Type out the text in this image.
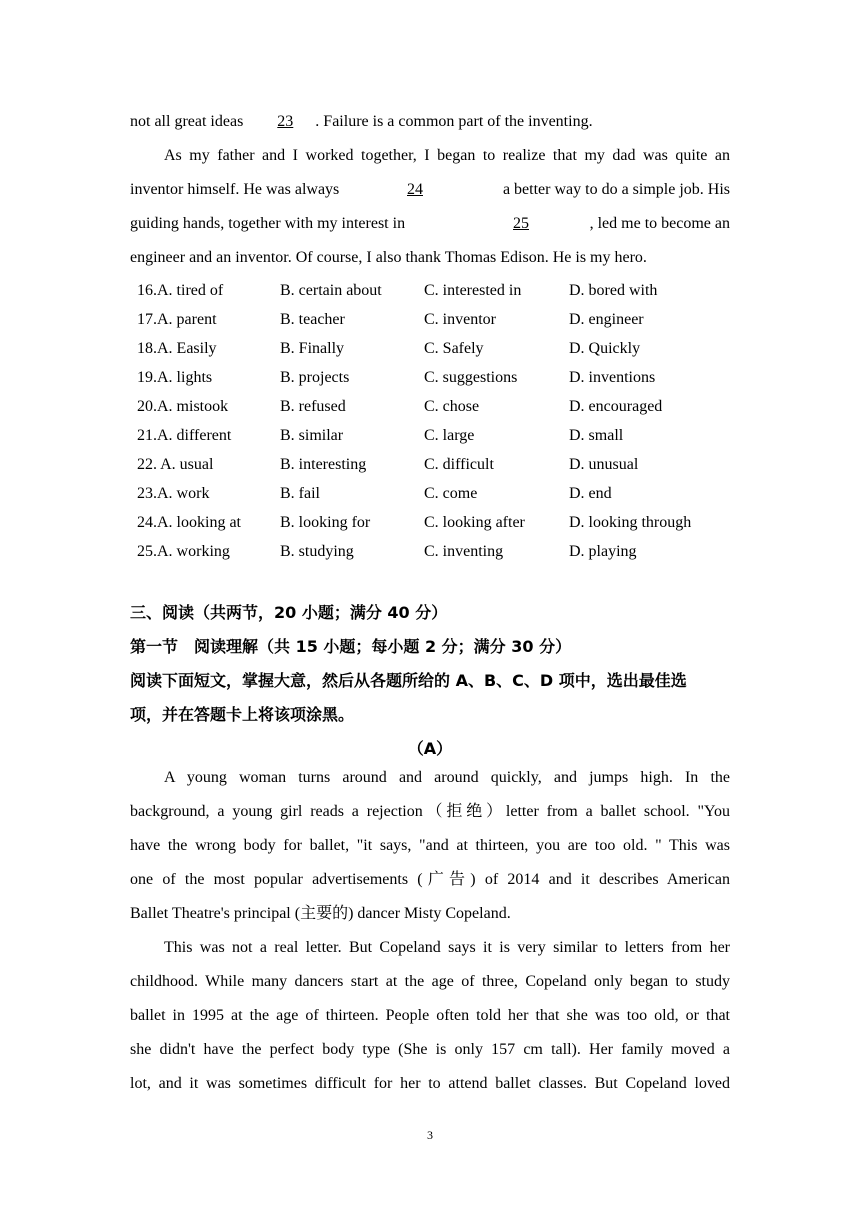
not all great ideas 23 . Failure is a common part of the inventing.
As my father and I worked together, I began to realize that my dad was quite an
inventor himself. He was always	24	a better way to do a simple job. His
guiding hands, together with my interest in	25	, led me to become an
engineer and an inventor. Of course, I also thank Thomas Edison. He is my hero.
16.A. tired of	B. certain about	C. interested in	D. bored with
17.A. parent	B. teacher	C. inventor	D. engineer
18.A. Easily	B. Finally	C. Safely	D. Quickly
19.A. lights	B. projects	C. suggestions	D. inventions
20.A. mistook	B. refused	C. chose	D. encouraged
21.A. different	B. similar	C. large	D. small
22. A. usual	B. interesting	C. difficult	D. unusual
23.A. work	B. fail	C. come	D. end
24.A. looking at B. looking for	C. looking after	D. looking through
25.A. working	B. studying	C. inventing	D. playing
三、阅读（共两节，20 小题；满分 40 分）
第一节　阅读理解（共 15 小题；每小题 2 分；满分 30 分）
阅读下面短文，掌握大意，然后从各题所给的 A、B、C、D 项中，选出最佳选
项，并在答题卡上将该项涂黑。
（A）
A young woman turns around and around quickly, and jumps high. In the
background, a young girl reads a rejection（拒绝）letter from a ballet school. "You
have the wrong body for ballet, "it says, "and at thirteen, you are too old. " This was
one of the most popular advertisements (广告) of 2014 and it describes American
Ballet Theatre's principal (主要的) dancer Misty Copeland.
This was not a real letter. But Copeland says it is very similar to letters from her
childhood. While many dancers start at the age of three, Copeland only began to study
ballet in 1995 at the age of thirteen. People often told her that she was too old, or that
she didn't have the perfect body type (She is only 157 cm tall). Her family moved a
lot, and it was sometimes difficult for her to attend ballet classes. But Copeland loved
3
